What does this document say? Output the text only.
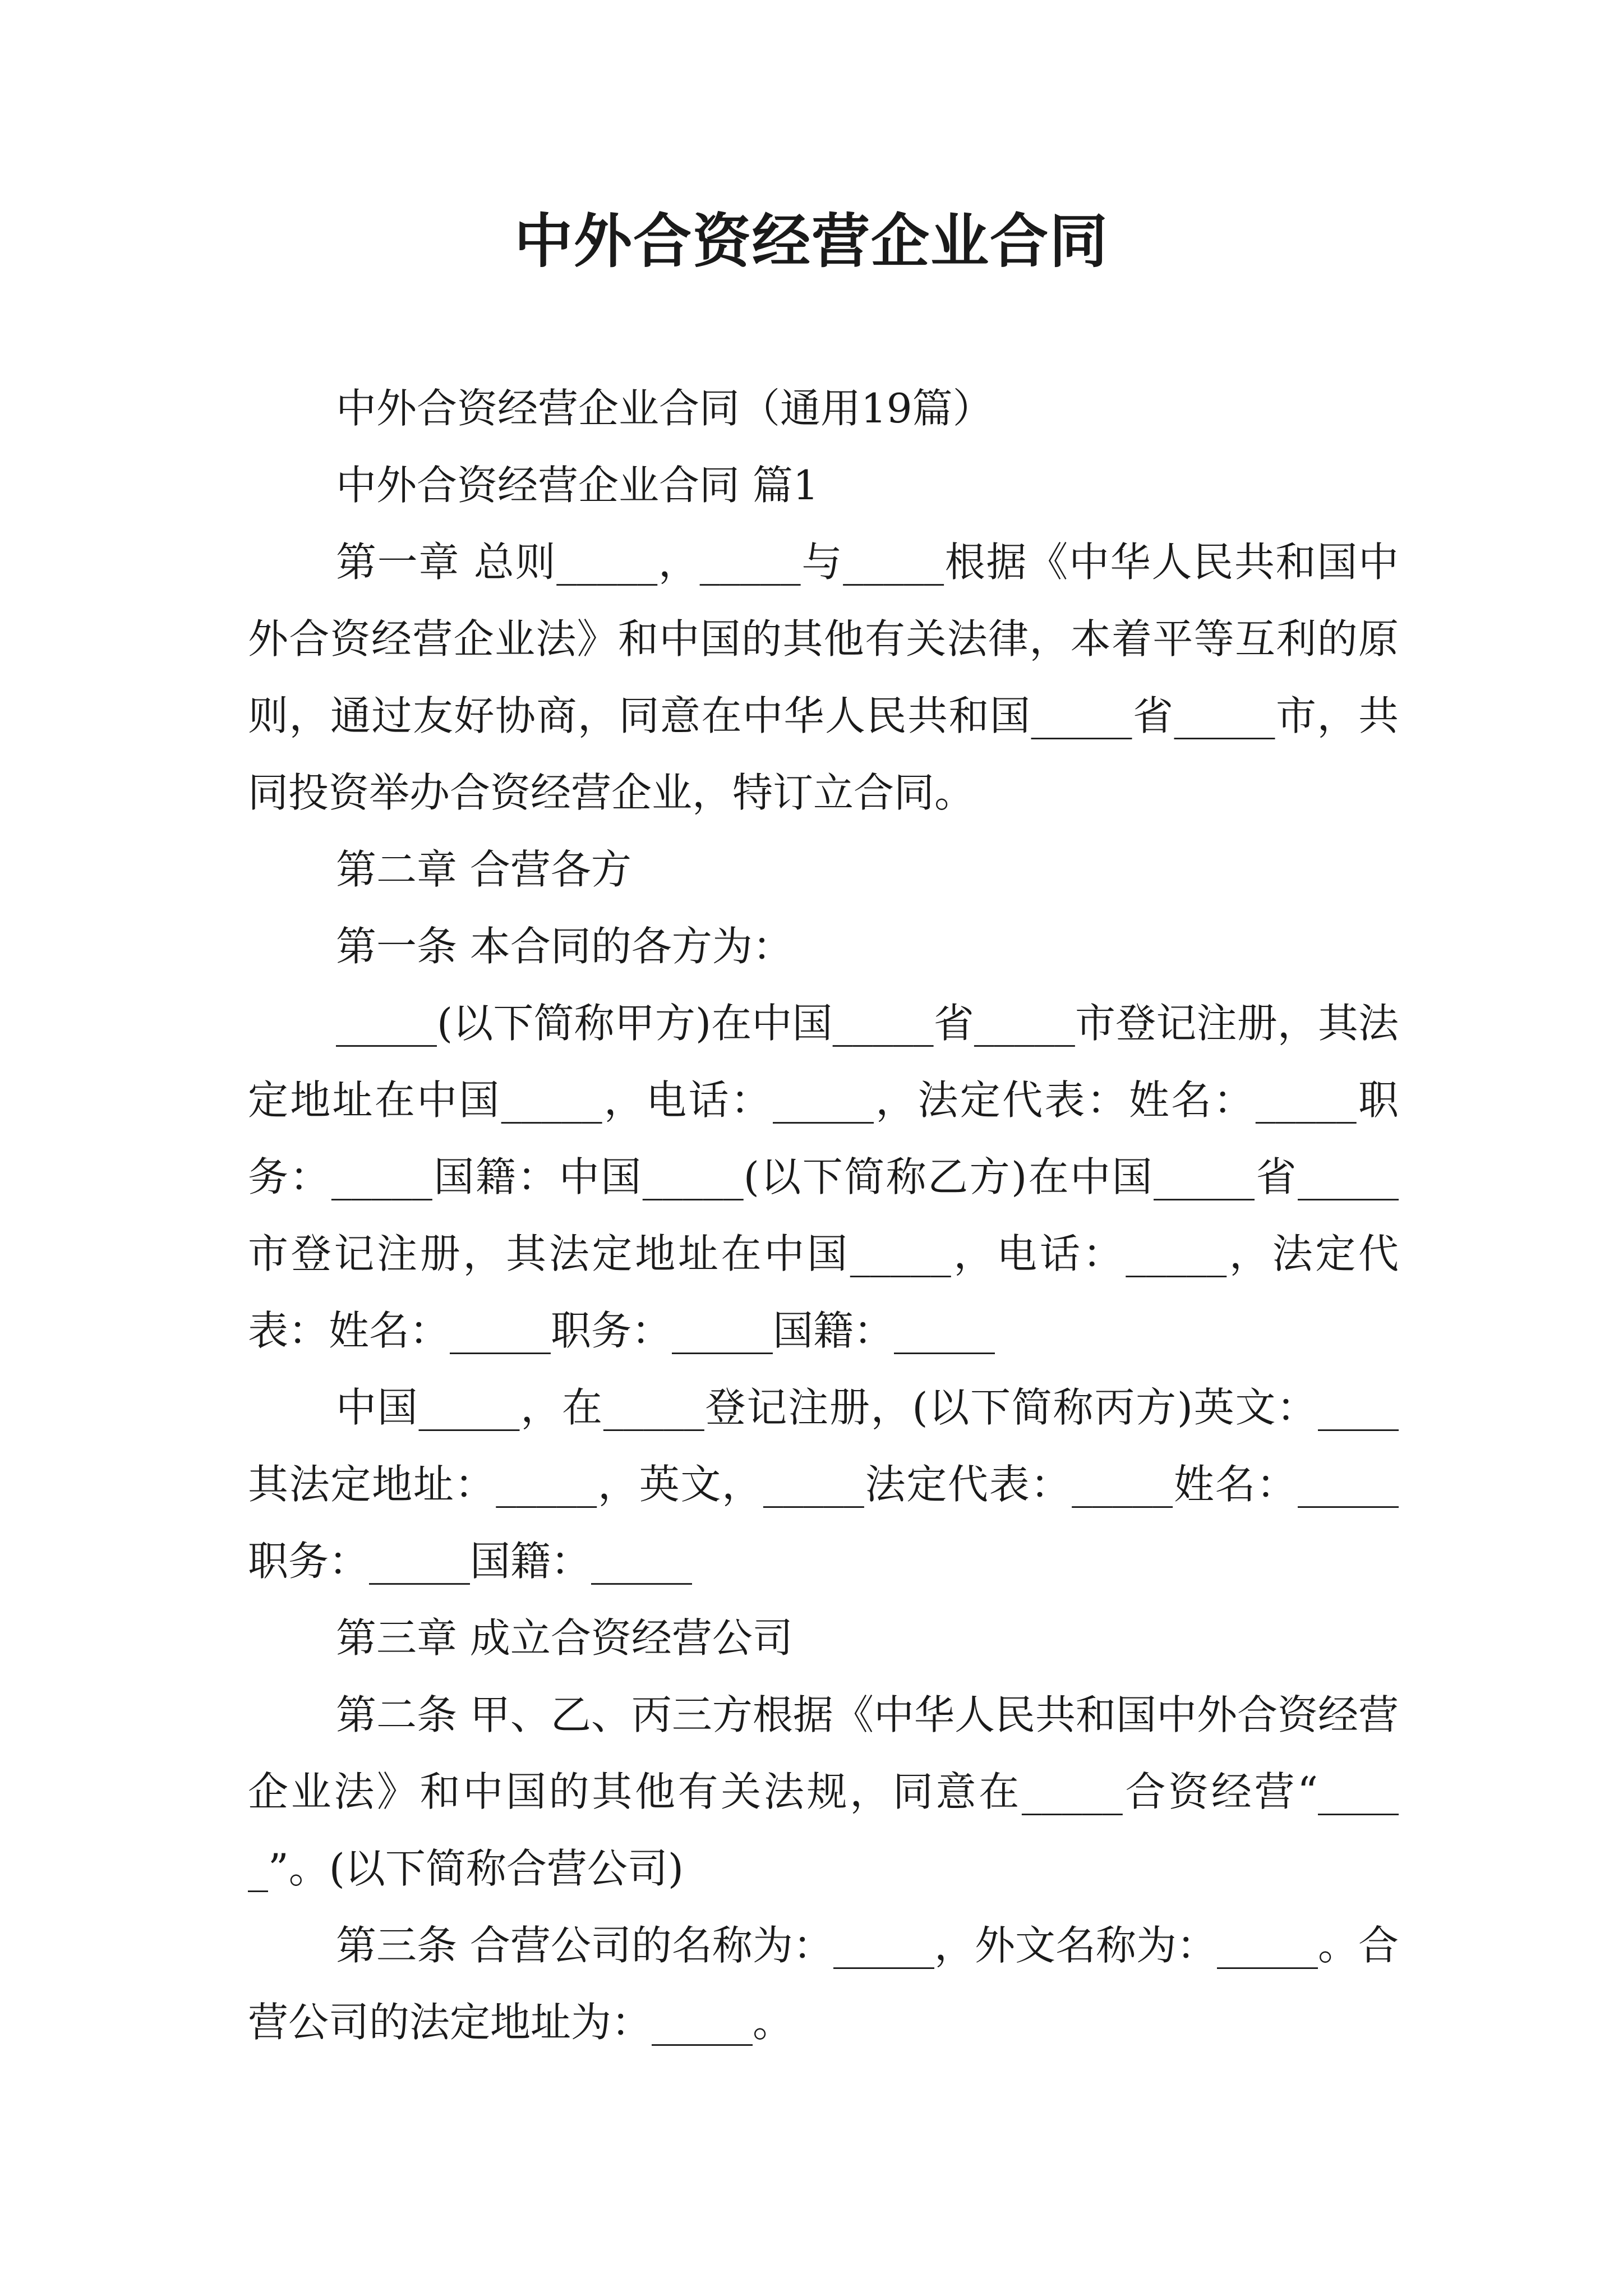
中外合资经营企业合同

中外合资经营企业合同（通用19篇）

中外合资经营企业合同 篇1

第一章 总则_____，_____与_____根据《中华人民共和国中外合资经营企业法》和中国的其他有关法律，本着平等互利的原则，通过友好协商，同意在中华人民共和国_____省_____市，共同投资举办合资经营企业，特订立合同。

第二章 合营各方

第一条 本合同的各方为：

_____(以下简称甲方)在中国_____省_____市登记注册，其法定地址在中国_____，电话：_____，法定代表：姓名：_____职务：_____国籍：中国_____(以下简称乙方)在中国_____省_____市登记注册，其法定地址在中国_____，电话：_____，法定代表：姓名：_____职务：_____国籍：_____

中国_____，在_____登记注册，(以下简称丙方)英文：____其法定地址：_____，英文，_____法定代表：_____姓名：_____职务：_____国籍：_____

第三章 成立合资经营公司

第二条 甲、乙、丙三方根据《中华人民共和国中外合资经营企业法》和中国的其他有关法规，同意在_____合资经营“_____”。(以下简称合营公司)

第三条 合营公司的名称为：_____，外文名称为：_____。合营公司的法定地址为：_____。
